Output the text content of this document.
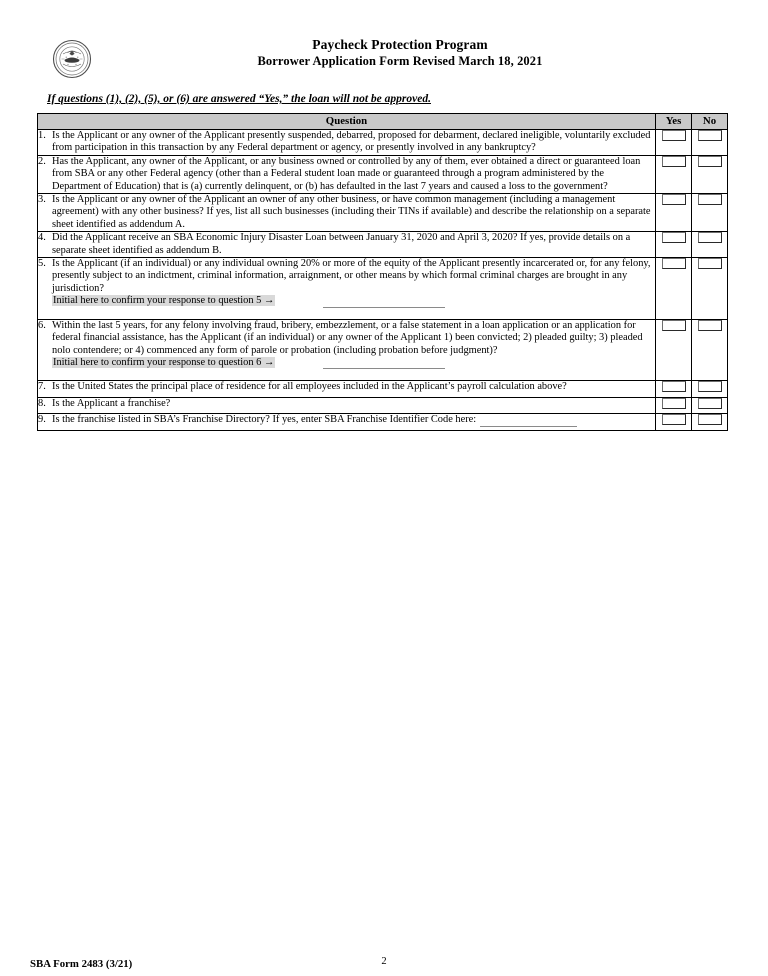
Paycheck Protection Program
Borrower Application Form Revised March 18, 2021
If questions (1), (2), (5), or (6) are answered “Yes,” the loan will not be approved.
Question	Yes	No

1. Is the Applicant or any owner of the Applicant presently suspended, debarred, proposed for debarment, declared ineligible, voluntarily excluded from participation in this transaction by any Federal department or agency, or presently involved in any bankruptcy?		

2. Has the Applicant, any owner of the Applicant, or any business owned or controlled by any of them, ever obtained a direct or guaranteed loan from SBA or any other Federal agency (other than a Federal student loan made or guaranteed through a program administered by the Department of Education) that is (a) currently delinquent, or (b) has defaulted in the last 7 years and caused a loss to the government?		

3. Is the Applicant or any owner of the Applicant an owner of any other business, or have common management (including a management agreement) with any other business? If yes, list all such businesses (including their TINs if available) and describe the relationship on a separate sheet identified as addendum A.		

4. Did the Applicant receive an SBA Economic Injury Disaster Loan between January 31, 2020 and April 3, 2020? If yes, provide details on a separate sheet identified as addendum B.		

5. Is the Applicant (if an individual) or any individual owning 20% or more of the equity of the Applicant presently incarcerated or, for any felony, presently subject to an indictment, criminal information, arraignment, or other means by which formal criminal charges are brought in any jurisdiction?
Initial here to confirm your response to question 5 →		

6. Within the last 5 years, for any felony involving fraud, bribery, embezzlement, or a false statement in a loan application or an application for federal financial assistance, has the Applicant (if an individual) or any owner of the Applicant 1) been convicted; 2) pleaded guilty; 3) pleaded nolo contendere; or 4) commenced any form of parole or probation (including probation before judgment)?
Initial here to confirm your response to question 6 →		

7. Is the United States the principal place of residence for all employees included in the Applicant’s payroll calculation above?		

8. Is the Applicant a franchise?		

9. Is the franchise listed in SBA’s Franchise Directory? If yes, enter SBA Franchise Identifier Code here:		

SBA Form 2483 (3/21)	2
